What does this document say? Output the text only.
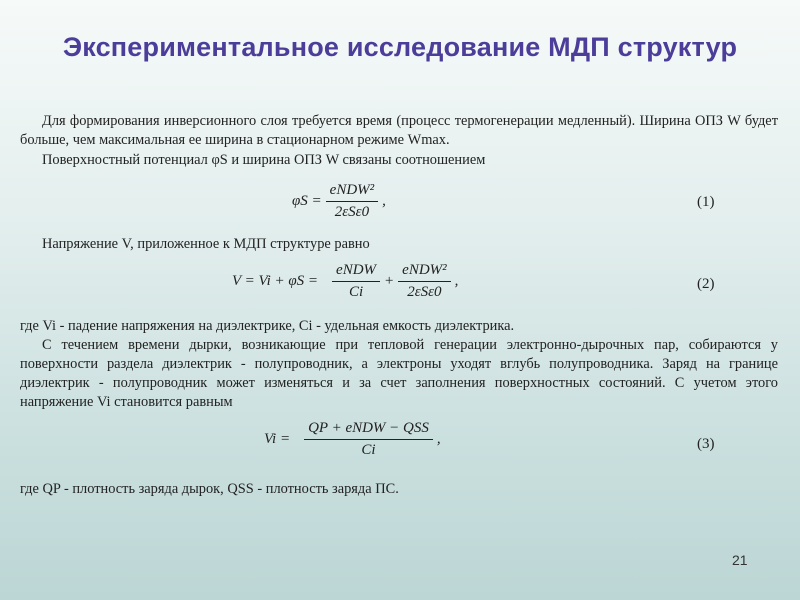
Экспериментальное исследование МДП структур
Для формирования инверсионного слоя требуется время (процесс термогенерации медленный). Ширина ОПЗ W будет больше, чем максимальная ее ширина в стационарном режиме Wmax.
Поверхностный потенциал φS и ширина ОПЗ W связаны соотношением
$\varphi S = \frac{\text{eNDW²}}{\text{2εSε0}}$ ,	(1)
Напряжение V, приложенное к МДП структуре равно
$V = Vi + \varphi S = \frac{\text{eNDW}}{Ci} + \frac{\text{eNDW²}}{\text{2εSε0}}$ ,	(2)
где Vi - падение напряжения на диэлектрике, Ci - удельная емкость диэлектрика.
С течением времени дырки, возникающие при тепловой генерации электронно-дырочных пар, собираются у поверхности раздела диэлектрик - полупроводник, а электроны уходят вглубь полупроводника. Заряд на границе диэлектрик - полупроводник может изменяться и за счет заполнения поверхностных состояний. С учетом этого напряжение Vi становится равным
$Vi = \frac{\text{QP + eNDW − QSS}}{Ci}$ ,	(3)
где QP - плотность заряда дырок, QSS - плотность заряда ПС.
21
